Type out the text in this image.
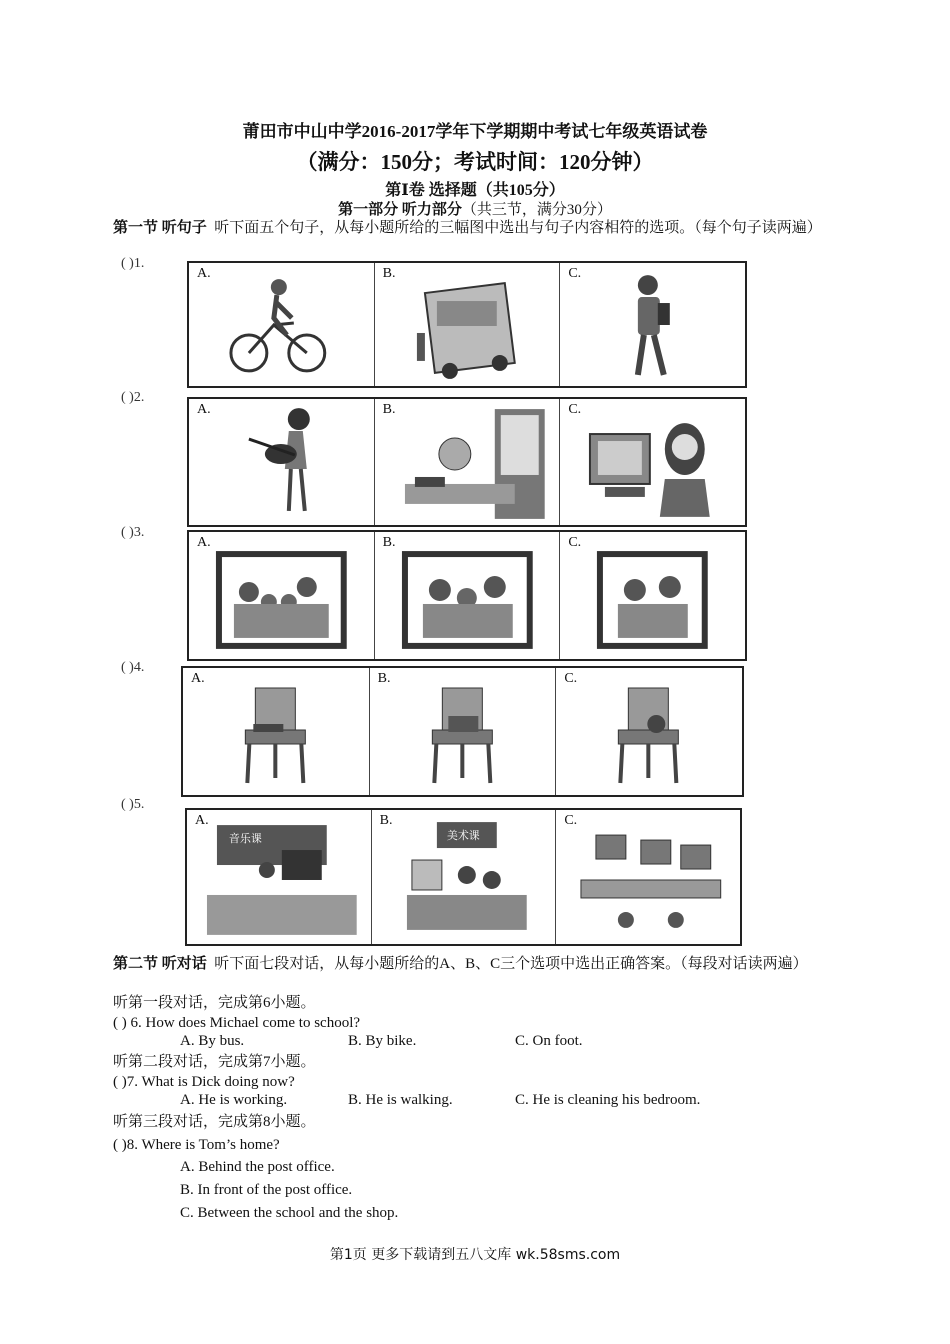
莆田市中山中学2016-2017学年下学期期中考试七年级英语试卷
（满分：150分；考试时间：120分钟）
第Ⅰ卷 选择题（共105分）
第一部分 听力部分（共三节，满分30分）
第一节 听句子 听下面五个句子，从每小题所给的三幅图中选出与句子内容相符的选项。（每个句子读两遍）
( )1.
A.	B.	C.
( )2.
A.	B.	C.
( )3.
A.	B.	C.
( )4.
A.	B.	C.
( )5.
A.
音乐课
B.
美术课
C.
第二节 听对话 听下面七段对话，从每小题所给的A、B、C三个选项中选出正确答案。（每段对话读两遍）
听第一段对话，完成第6小题。
( ) 6. How does Michael come to school?
A. By bus.	B. By bike.	C. On foot.
听第二段对话，完成第7小题。
( )7. What is Dick doing now?
A. He is working.	B. He is walking.	C. He is cleaning his bedroom.
听第三段对话，完成第8小题。
( )8. Where is Tom’s home?
A. Behind the post office.
B. In front of the post office.
C. Between the school and the shop.
第1页 更多下载请到五八文库 wk.58sms.com
